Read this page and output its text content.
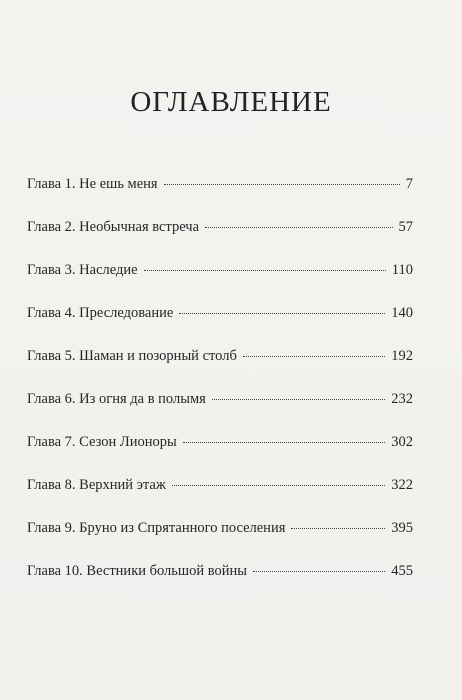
ОГЛАВЛЕНИЕ
Глава 1. Не ешь меня	7
Глава 2. Необычная встреча	57
Глава 3. Наследие	110
Глава 4. Преследование	140
Глава 5. Шаман и позорный столб	192
Глава 6. Из огня да в полымя	232
Глава 7. Сезон Лионоры	302
Глава 8. Верхний этаж	322
Глава 9. Бруно из Спрятанного поселения	395
Глава 10. Вестники большой войны	455
